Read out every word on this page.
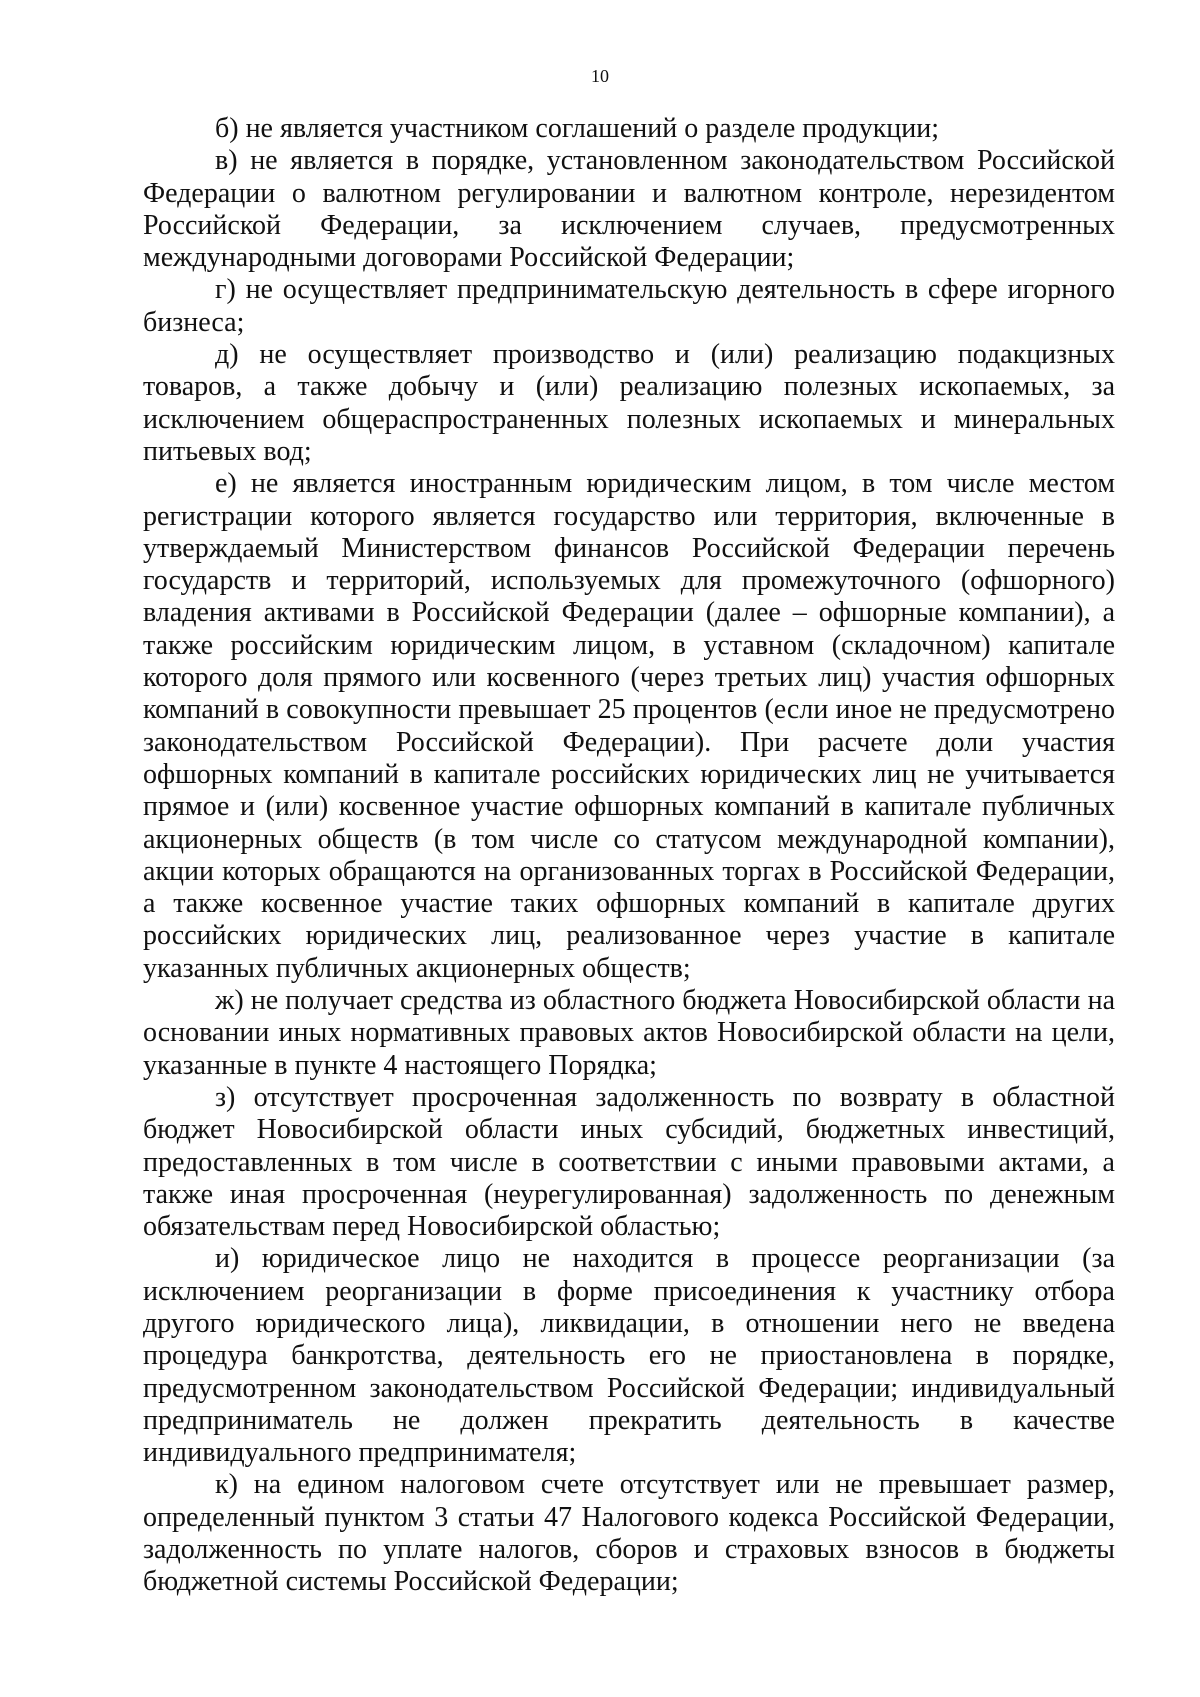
10

б) не является участником соглашений о разделе продукции;

в) не является в порядке, установленном законодательством Российской Федерации о валютном регулировании и валютном контроле, нерезидентом Российской Федерации, за исключением случаев, предусмотренных международными договорами Российской Федерации;

г) не осуществляет предпринимательскую деятельность в сфере игорного бизнеса;

д) не осуществляет производство и (или) реализацию подакцизных товаров, а также добычу и (или) реализацию полезных ископаемых, за исключением общераспространенных полезных ископаемых и минеральных питьевых вод;

е) не является иностранным юридическим лицом, в том числе местом регистрации которого является государство или территория, включенные в утверждаемый Министерством финансов Российской Федерации перечень государств и территорий, используемых для промежуточного (офшорного) владения активами в Российской Федерации (далее – офшорные компании), а также российским юридическим лицом, в уставном (складочном) капитале которого доля прямого или косвенного (через третьих лиц) участия офшорных компаний в совокупности превышает 25 процентов (если иное не предусмотрено законодательством Российской Федерации). При расчете доли участия офшорных компаний в капитале российских юридических лиц не учитывается прямое и (или) косвенное участие офшорных компаний в капитале публичных акционерных обществ (в том числе со статусом международной компании), акции которых обращаются на организованных торгах в Российской Федерации, а также косвенное участие таких офшорных компаний в капитале других российских юридических лиц, реализованное через участие в капитале указанных публичных акционерных обществ;

ж) не получает средства из областного бюджета Новосибирской области на основании иных нормативных правовых актов Новосибирской области на цели, указанные в пункте 4 настоящего Порядка;

з) отсутствует просроченная задолженность по возврату в областной бюджет Новосибирской области иных субсидий, бюджетных инвестиций, предоставленных в том числе в соответствии с иными правовыми актами, а также иная просроченная (неурегулированная) задолженность по денежным обязательствам перед Новосибирской областью;

и) юридическое лицо не находится в процессе реорганизации (за исключением реорганизации в форме присоединения к участнику отбора другого юридического лица), ликвидации, в отношении него не введена процедура банкротства, деятельность его не приостановлена в порядке, предусмотренном законодательством Российской Федерации; индивидуальный предприниматель не должен прекратить деятельность в качестве индивидуального предпринимателя;

к) на едином налоговом счете отсутствует или не превышает размер, определенный пунктом 3 статьи 47 Налогового кодекса Российской Федерации, задолженность по уплате налогов, сборов и страховых взносов в бюджеты бюджетной системы Российской Федерации;
